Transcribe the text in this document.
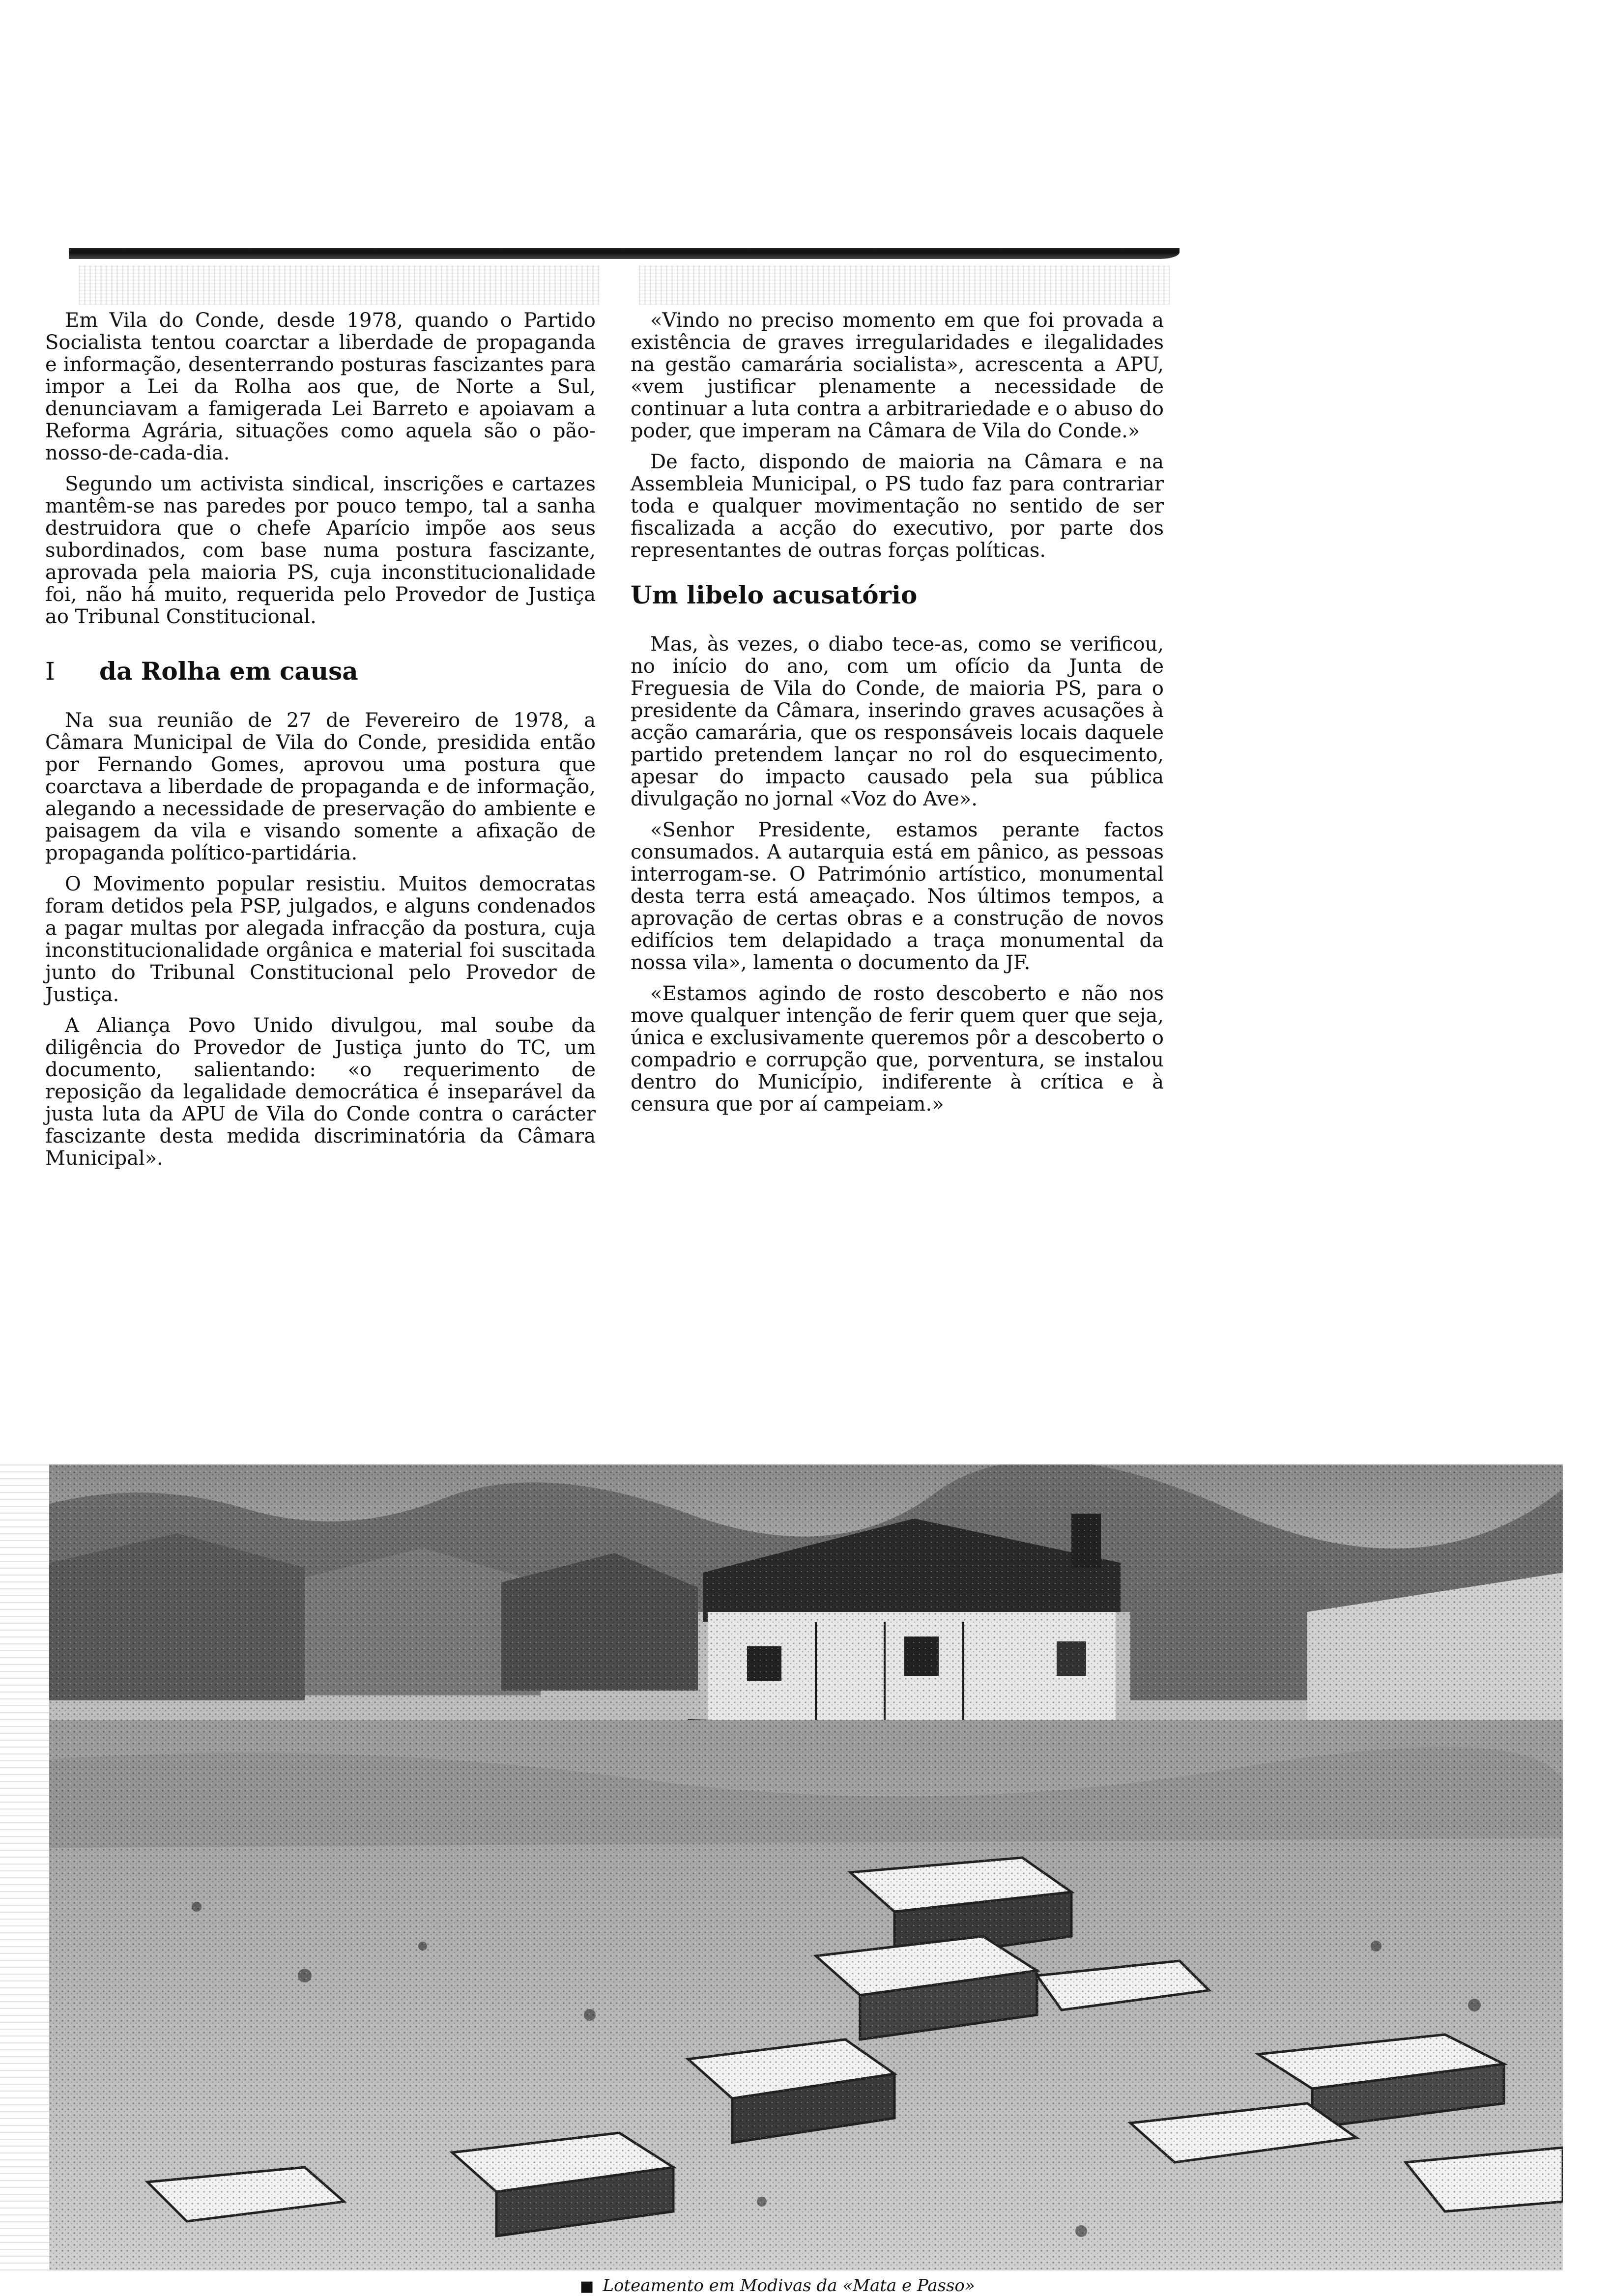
Em Vila do Conde, desde 1978, quando o Partido Socialista tentou coarctar a liberdade de propaganda e informação, desenterrando posturas fascizantes para impor a Lei da Rolha aos que, de Norte a Sul, denunciavam a famigerada Lei Barreto e apoiavam a Reforma Agrária, situações como aquela são o pão-nosso-de-cada-dia.

Segundo um activista sindical, inscrições e cartazes mantêm-se nas paredes por pouco tempo, tal a sanha destruidora que o chefe Aparício impõe aos seus subordinados, com base numa postura fascizante, aprovada pela maioria PS, cuja inconstitucionalidade foi, não há muito, requerida pelo Provedor de Justiça ao Tribunal Constitucional.

I da Rolha em causa

Na sua reunião de 27 de Fevereiro de 1978, a Câmara Municipal de Vila do Conde, presidida então por Fernando Gomes, aprovou uma postura que coarctava a liberdade de propaganda e de informação, alegando a necessidade de preservação do ambiente e paisagem da vila e visando somente a afixação de propaganda político-partidária.

O Movimento popular resistiu. Muitos democratas foram detidos pela PSP, julgados, e alguns condenados a pagar multas por alegada infracção da postura, cuja inconstitucionalidade orgânica e material foi suscitada junto do Tribunal Constitucional pelo Provedor de Justiça.

A Aliança Povo Unido divulgou, mal soube da diligência do Provedor de Justiça junto do TC, um documento, salientando: «o requerimento de reposição da legalidade democrática é inseparável da justa luta da APU de Vila do Conde contra o carácter fascizante desta medida discriminatória da Câmara Municipal».

«Vindo no preciso momento em que foi provada a existência de graves irregularidades e ilegalidades na gestão camarária socialista», acrescenta a APU, «vem justificar plenamente a necessidade de continuar a luta contra a arbitrariedade e o abuso do poder, que imperam na Câmara de Vila do Conde.»

De facto, dispondo de maioria na Câmara e na Assembleia Municipal, o PS tudo faz para contrariar toda e qualquer movimentação no sentido de ser fiscalizada a acção do executivo, por parte dos representantes de outras forças políticas.

Um libelo acusatório

Mas, às vezes, o diabo tece-as, como se verificou, no início do ano, com um ofício da Junta de Freguesia de Vila do Conde, de maioria PS, para o presidente da Câmara, inserindo graves acusações à acção camarária, que os responsáveis locais daquele partido pretendem lançar no rol do esquecimento, apesar do impacto causado pela sua pública divulgação no jornal «Voz do Ave».

«Senhor Presidente, estamos perante factos consumados. A autarquia está em pânico, as pessoas interrogam-se. O Património artístico, monumental desta terra está ameaçado. Nos últimos tempos, a aprovação de certas obras e a construção de novos edifícios tem delapidado a traça monumental da nossa vila», lamenta o documento da JF.

«Estamos agindo de rosto descoberto e não nos move qualquer intenção de ferir quem quer que seja, única e exclusivamente queremos pôr a descoberto o compadrio e corrupção que, porventura, se instalou dentro do Município, indiferente à crítica e à censura que por aí campeiam.»

■ Loteamento em Modivas da «Mata e Passo»
